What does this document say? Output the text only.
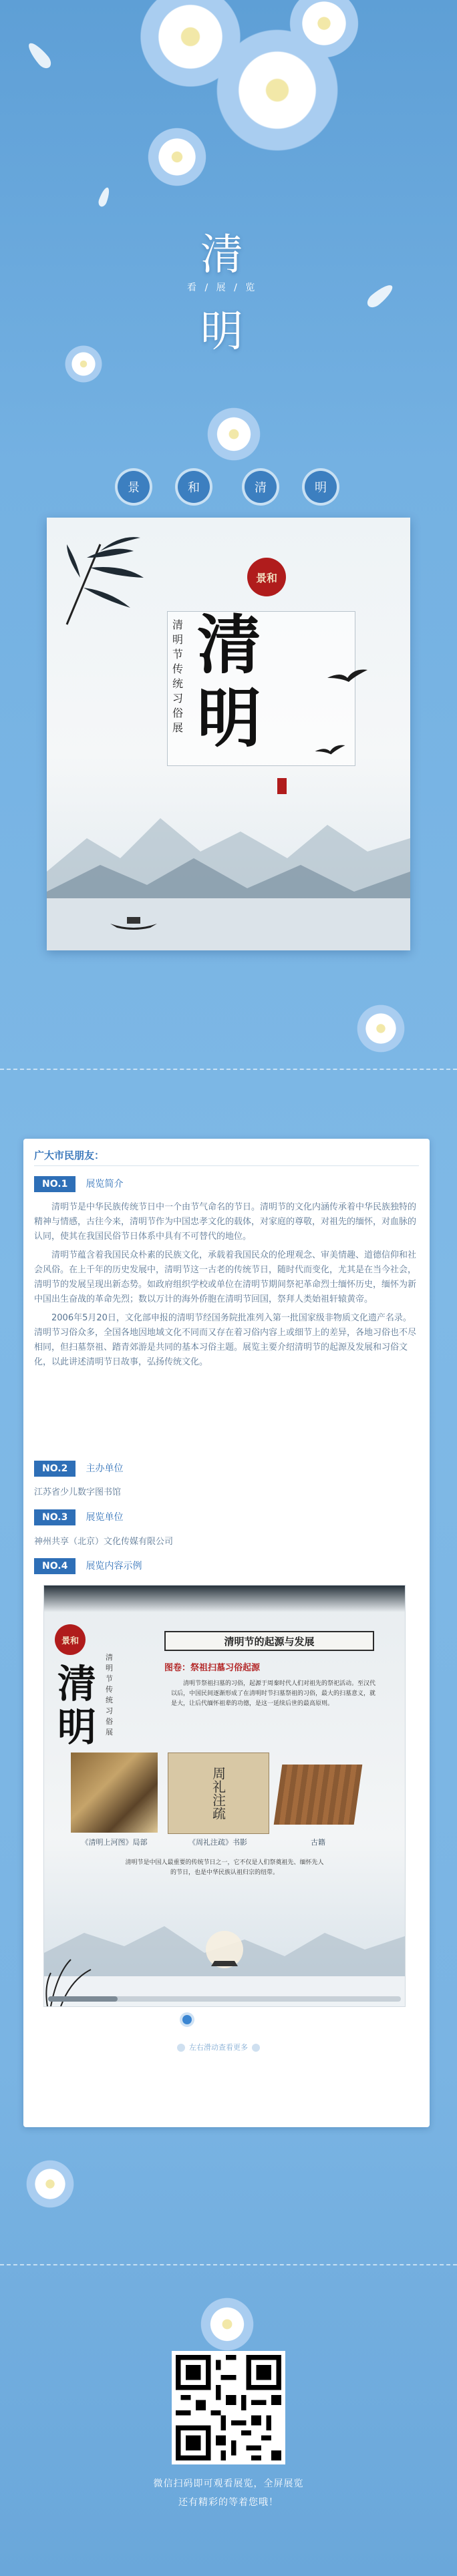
清
看 / 展 / 览
明
景	和	清	明
清明节传统习俗展
景和
清
明
广大市民朋友：
NO.1 展览简介

清明节是中华民族传统节日中一个由节气命名的节日。清明节的文化内涵传承着中华民族独特的精神与情感，古往今来，清明节作为中国忠孝文化的载体，对家庭的尊敬，对祖先的缅怀，对血脉的认同，使其在我国民俗节日体系中具有不可替代的地位。

清明节蕴含着我国民众朴素的民族文化，承载着我国民众的伦理观念、审美情趣、道德信仰和社会风俗。在上千年的历史发展中，清明节这一古老的传统节日，随时代而变化，尤其是在当今社会，清明节的发展呈现出新态势。如政府组织学校或单位在清明节期间祭祀革命烈士缅怀历史，缅怀为新中国出生奋战的革命先烈；数以万计的海外侨胞在清明节回国，祭拜人类始祖轩辕黄帝。

2006年5月20日，文化部申报的清明节经国务院批准列入第一批国家级非物质文化遗产名录。清明节习俗众多，全国各地因地域文化不同而又存在着习俗内容上或细节上的差异，各地习俗也不尽相同，但扫墓祭祖、踏青郊游是共同的基本习俗主题。展览主要介绍清明节的起源及发展和习俗文化，以此讲述清明节日故事，弘扬传统文化。

NO.2 主办单位
江苏省少儿数字图书馆
NO.3 展览单位
神州共享（北京）文化传媒有限公司
NO.4 展览内容示例
景和
清
明
清明节传统习俗展
清明节的起源与发展
图卷：祭祖扫墓习俗起源
清明节祭祖扫墓的习俗，起源于周秦时代人们对祖先的祭祀活动。至汉代以后，中国民间逐渐形成了在清明时节扫墓祭祖的习俗，最大的扫墓意义，就是大，让后代缅怀祖辈的功德，是这一延续后世的最高原则。
《清明上河图》局部
周礼注疏
《周礼注疏》书影	古籍
清明节是中国人最重要的传统节日之一，它不仅是人们祭奠祖先、缅怀先人的节日，也是中华民族认祖归宗的纽带。
左右滑动查看更多
微信扫码即可观看展览，全屏展览
还有精彩的等着您哦！
